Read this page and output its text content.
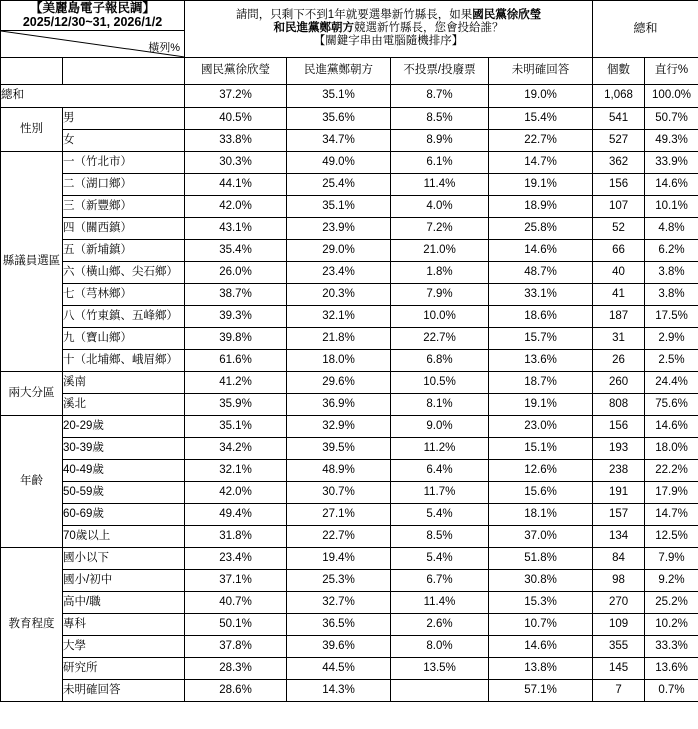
【美麗島電子報民調】
2025/12/30~31, 2026/1/2

請問，只剩下不到1年就要選舉新竹縣長，如果國民黨徐欣瑩
和民進黨鄭朝方競選新竹縣長，您會投給誰？
【關鍵字串由電腦隨機排序】
	總和

橫列%							

		國民黨徐欣瑩	民進黨鄭朝方	不投票/投廢票	未明確回答	個數	直行%
總和		37.2%	35.1%	8.7%	19.0%	1,068	100.0%
性別	男	40.5%	35.6%	8.5%	15.4%	541	50.7%
	女	33.8%	34.7%	8.9%	22.7%	527	49.3%
縣議員選區	一（竹北市）	30.3%	49.0%	6.1%	14.7%	362	33.9%
	二（湖口鄉）	44.1%	25.4%	11.4%	19.1%	156	14.6%
	三（新豐鄉）	42.0%	35.1%	4.0%	18.9%	107	10.1%
	四（關西鎮）	43.1%	23.9%	7.2%	25.8%	52	4.8%
	五（新埔鎮）	35.4%	29.0%	21.0%	14.6%	66	6.2%
	六（橫山鄉、尖石鄉）	26.0%	23.4%	1.8%	48.7%	40	3.8%
	七（芎林鄉）	38.7%	20.3%	7.9%	33.1%	41	3.8%
	八（竹東鎮、五峰鄉）	39.3%	32.1%	10.0%	18.6%	187	17.5%
	九（寶山鄉）	39.8%	21.8%	22.7%	15.7%	31	2.9%
	十（北埔鄉、峨眉鄉）	61.6%	18.0%	6.8%	13.6%	26	2.5%
兩大分區	溪南	41.2%	29.6%	10.5%	18.7%	260	24.4%
	溪北	35.9%	36.9%	8.1%	19.1%	808	75.6%
年齡	20-29歲	35.1%	32.9%	9.0%	23.0%	156	14.6%
	30-39歲	34.2%	39.5%	11.2%	15.1%	193	18.0%
	40-49歲	32.1%	48.9%	6.4%	12.6%	238	22.2%
	50-59歲	42.0%	30.7%	11.7%	15.6%	191	17.9%
	60-69歲	49.4%	27.1%	5.4%	18.1%	157	14.7%
	70歲以上	31.8%	22.7%	8.5%	37.0%	134	12.5%
教育程度	國小以下	23.4%	19.4%	5.4%	51.8%	84	7.9%
	國小/初中	37.1%	25.3%	6.7%	30.8%	98	9.2%
	高中/職	40.7%	32.7%	11.4%	15.3%	270	25.2%
	專科	50.1%	36.5%	2.6%	10.7%	109	10.2%
	大學	37.8%	39.6%	8.0%	14.6%	355	33.3%
	研究所	28.3%	44.5%	13.5%	13.8%	145	13.6%
	未明確回答	28.6%	14.3%		57.1%	7	0.7%
